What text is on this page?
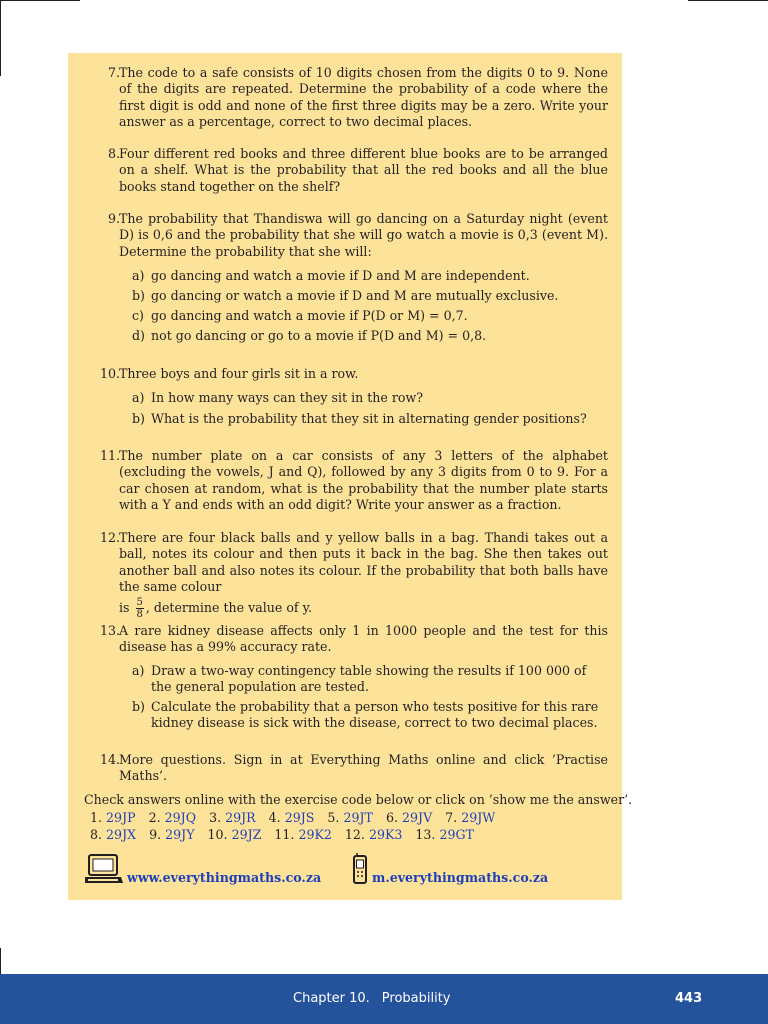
7. The code to a safe consists of 10 digits chosen from the digits 0 to 9. None of the digits are repeated. Determine the probability of a code where the first digit is odd and none of the first three digits may be a zero. Write your answer as a percentage, correct to two decimal places.
8. Four different red books and three different blue books are to be arranged on a shelf. What is the probability that all the red books and all the blue books stand together on the shelf?
9. The probability that Thandiswa will go dancing on a Saturday night (event D) is 0,6 and the probability that she will go watch a movie is 0,3 (event M). Determine the probability that she will:
a) go dancing and watch a movie if D and M are independent.
b) go dancing or watch a movie if D and M are mutually exclusive.
c) go dancing and watch a movie if P(D or M) = 0,7.
d) not go dancing or go to a movie if P(D and M) = 0,8.
10. Three boys and four girls sit in a row.
a) In how many ways can they sit in the row?
b) What is the probability that they sit in alternating gender positions?
11. The number plate on a car consists of any 3 letters of the alphabet (excluding the vowels, J and Q), followed by any 3 digits from 0 to 9. For a car chosen at random, what is the probability that the number plate starts with a Y and ends with an odd digit? Write your answer as a fraction.
12. There are four black balls and y yellow balls in a bag. Thandi takes out a ball, notes its colour and then puts it back in the bag. She then takes out another ball and also notes its colour. If the probability that both balls have the same colour
is $\frac{5}{8}$ , determine the value of y.
13. A rare kidney disease affects only 1 in 1000 people and the test for this disease has a 99% accuracy rate.
a) Draw a two-way contingency table showing the results if 100 000 of the general population are tested.
b) Calculate the probability that a person who tests positive for this rare kidney disease is sick with the disease, correct to two decimal places.
14. More questions. Sign in at Everything Maths online and click ’Practise Maths’.
Check answers online with the exercise code below or click on ’show me the answer’.
1. 29JP 2. 29JQ 3. 29JR 4. 29JS 5. 29JT 6. 29JV 7. 29JW
8. 29JX 9. 29JY 10. 29JZ 11. 29K2 12. 29K3 13. 29GT
www.everythingmaths.co.za	m.everythingmaths.co.za
Chapter 10. Probability	443
